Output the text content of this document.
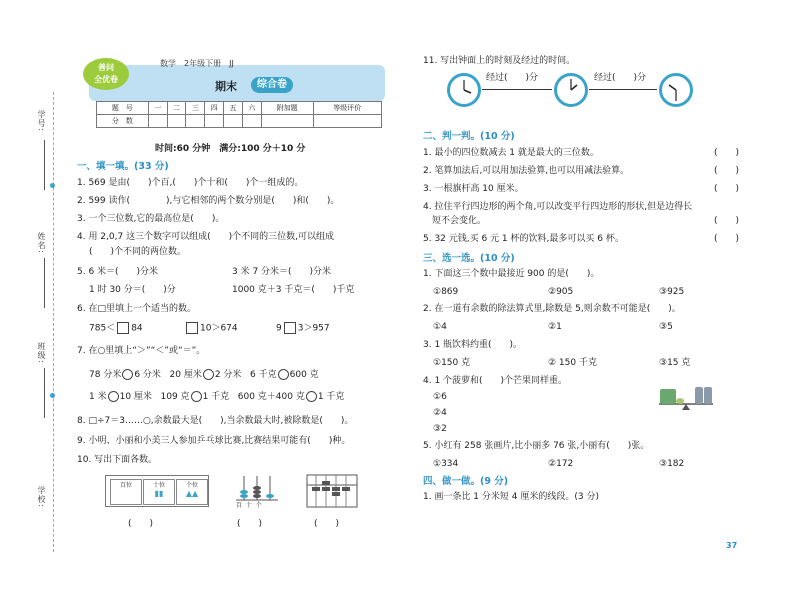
学号:
姓名:
班级:
学校:
善问
全优卷
数学　2年级下册　JJ
期末	综合卷
题　号	一	二	三	四	五	六	附加题	等级评价
分　数								
时间:60 分钟　满分:100 分＋10 分
一、填一填。(33 分)
1. 569 是由(　　)个百,(　　)个十和(　　)个一组成的。
2. 599 读作(　　　　),与它相邻的两个数分别是(　　)和(　　)。
3. 一个三位数,它的最高位是(　　)。
4. 用 2,0,7 这三个数字可以组成(　　)个不同的三位数,可以组成
(　　)个不同的两位数。
5. 6 米＝(　　)分米	3 米 7 分米＝(　　)分米
1 时 30 分＝(　　)分	1000 克＋3 千克＝(　　)千克
6. 在□里填上一个适当的数。
785＜ 84	10＞674	9 3＞957
7. 在○里填上“＞”“＜”或“＝”。
78 分米 6 分米 20 厘米 2 分米 6 千克 600 克
1 米 10 厘米 109 克 1 千克 600 克＋400 克 1 千克
8. □÷7＝3……○,余数最大是(　　),当余数最大时,被除数是(　　)。
9. 小明、小丽和小美三人参加乒乓球比赛,比赛结果可能有(　　)种。
10. 写出下面各数。
百位	十位
▮▮
个位
▲▲
百 十 个
(　　)	(　　)	(　　)
11. 写出钟面上的时刻及经过的时间。
经过(　　)分	经过(　　)分
二、判一判。(10 分)
1. 最小的四位数减去 1 就是最大的三位数。	(　　)
2. 笔算加法后,可以用加法验算,也可以用减法验算。	(　　)
3. 一根旗杆高 10 厘米。	(　　)
4. 拉住平行四边形的两个角,可以改变平行四边形的形状,但是边得长
　短不会变化。	(　　)
5. 32 元钱,买 6 元 1 杯的饮料,最多可以买 6 杯。	(　　)
三、选一选。(10 分)
1. 下面这三个数中最接近 900 的是(　　)。
①869	②905	③925
2. 在一道有余数的除法算式里,除数是 5,则余数不可能是(　　)。
①4	②1	③5
3. 1 瓶饮料约重(　　)。
①150 克	② 150 千克	③15 克
4. 1 个菠萝和(　　)个芒果同样重。
①6
②4
③2
5. 小红有 258 张画片,比小丽多 76 张,小丽有(　　)张。
①334	②172	③182
四、做一做。(9 分)
1. 画一条比 1 分米短 4 厘米的线段。(3 分)
37
